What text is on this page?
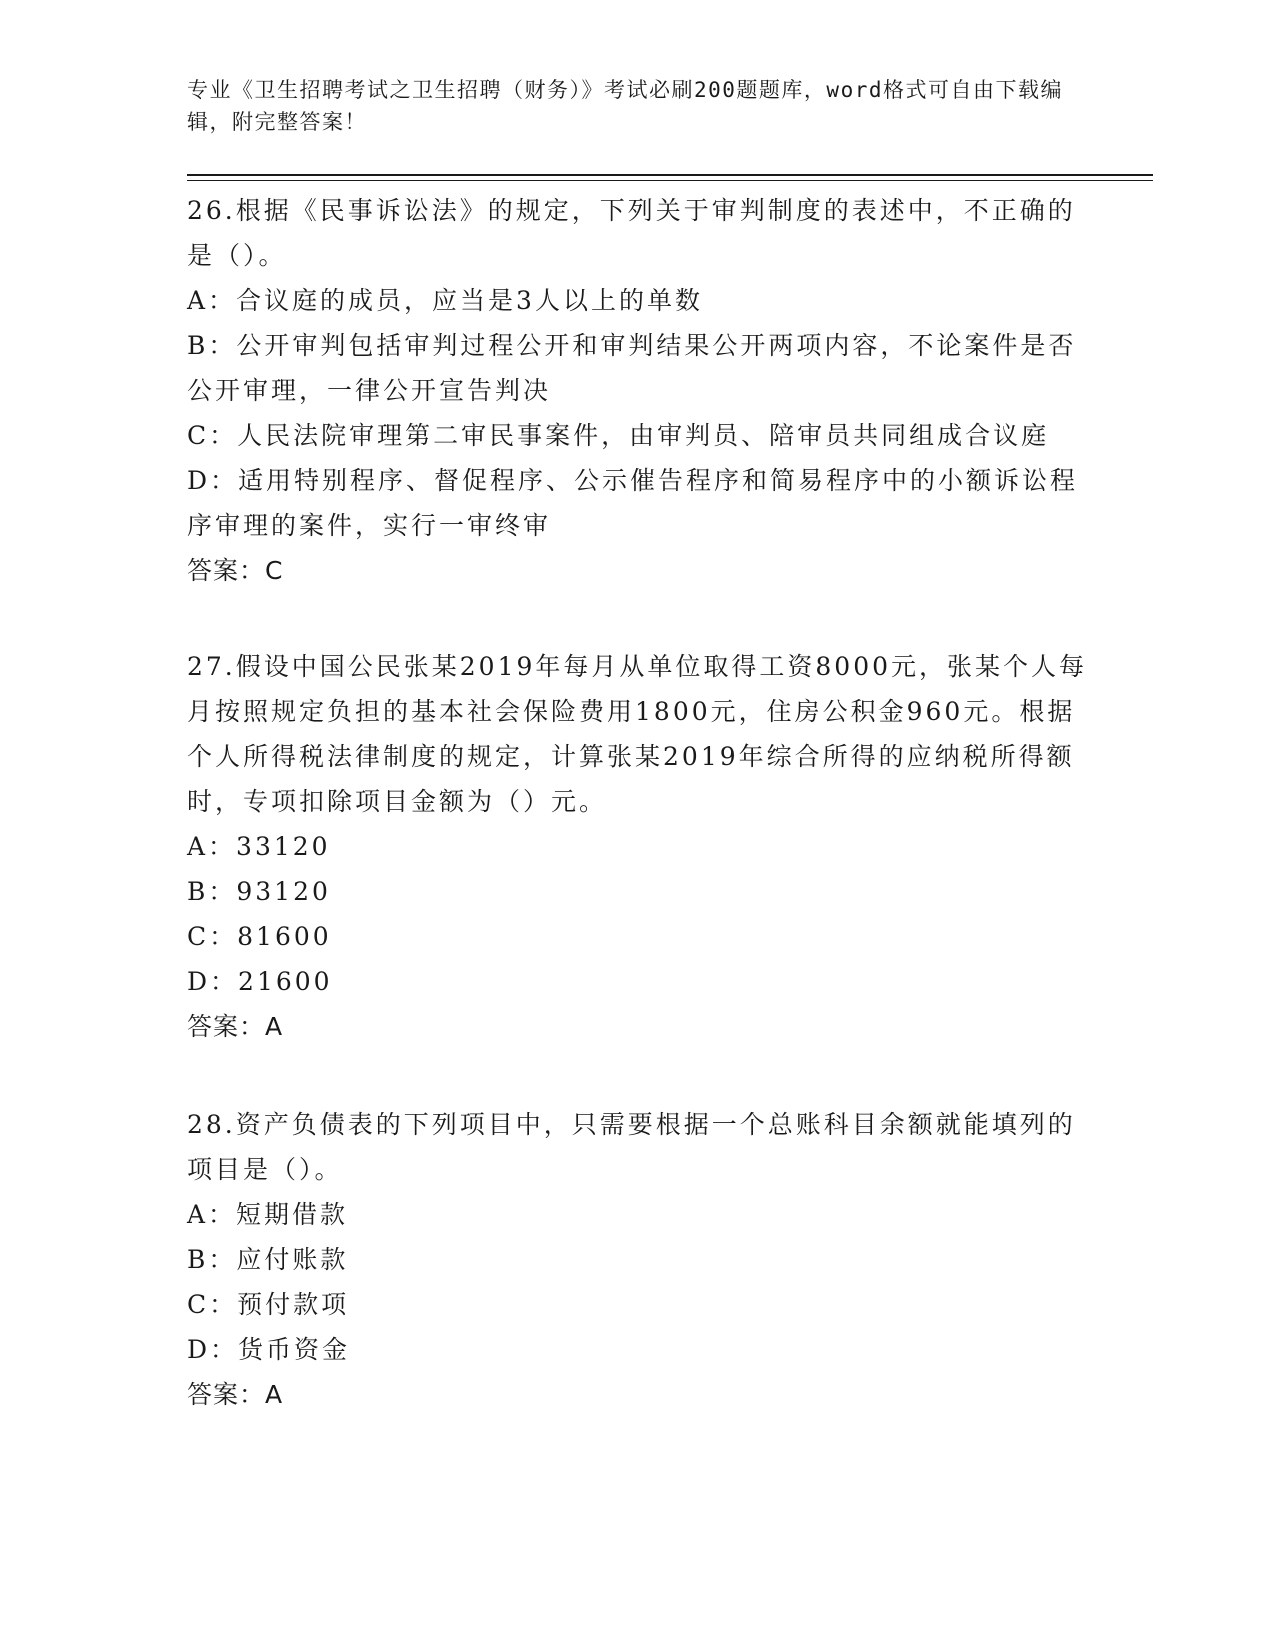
专业《卫生招聘考试之卫生招聘（财务）》考试必刷200题题库，word格式可自由下载编辑，附完整答案！
26.根据《民事诉讼法》的规定，下列关于审判制度的表述中，不正确的是（）。
A：合议庭的成员，应当是3人以上的单数
B：公开审判包括审判过程公开和审判结果公开两项内容，不论案件是否公开审理，一律公开宣告判决
C：人民法院审理第二审民事案件，由审判员、陪审员共同组成合议庭
D：适用特别程序、督促程序、公示催告程序和简易程序中的小额诉讼程序审理的案件，实行一审终审
答案：C
27.假设中国公民张某2019年每月从单位取得工资8000元，张某个人每月按照规定负担的基本社会保险费用1800元，住房公积金960元。根据个人所得税法律制度的规定，计算张某2019年综合所得的应纳税所得额时，专项扣除项目金额为（）元。
A：33120
B：93120
C：81600
D：21600
答案：A
28.资产负债表的下列项目中，只需要根据一个总账科目余额就能填列的项目是（）。
A：短期借款
B：应付账款
C：预付款项
D：货币资金
答案：A
